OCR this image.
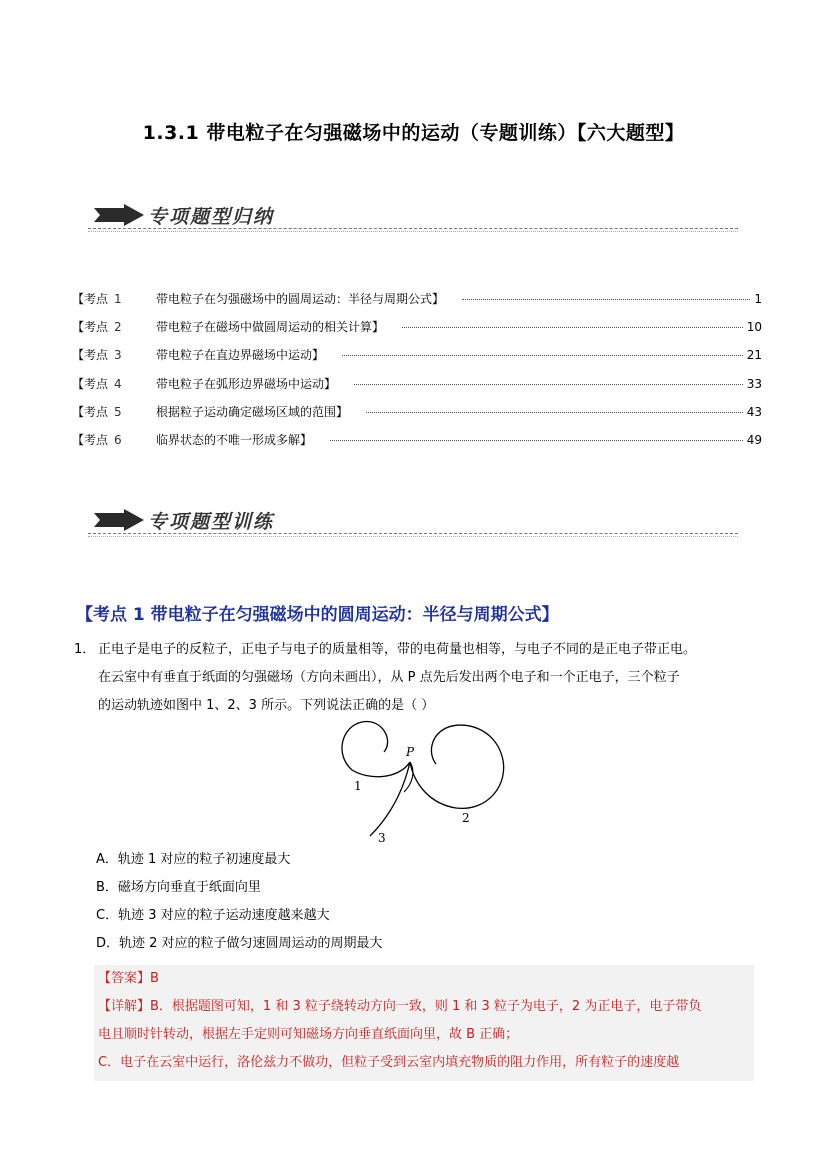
1.3.1 带电粒子在匀强磁场中的运动（专题训练）【六大题型】
专项题型归纳
【考点 1	带电粒子在匀强磁场中的圆周运动：半径与周期公式】	1
【考点 2	带电粒子在磁场中做圆周运动的相关计算】	10
【考点 3	带电粒子在直边界磁场中运动】	21
【考点 4	带电粒子在弧形边界磁场中运动】	33
【考点 5	根据粒子运动确定磁场区域的范围】	43
【考点 6	临界状态的不唯一形成多解】	49
专项题型训练
【考点 1 带电粒子在匀强磁场中的圆周运动：半径与周期公式】
1． 正电子是电子的反粒子，正电子与电子的质量相等，带的电荷量也相等，与电子不同的是正电子带正电。
在云室中有垂直于纸面的匀强磁场（方向未画出），从 P 点先后发出两个电子和一个正电子，三个粒子
的运动轨迹如图中 1、2、3 所示。下列说法正确的是（ ）
P
1
2
3
A．轨迹 1 对应的粒子初速度最大
B．磁场方向垂直于纸面向里
C．轨迹 3 对应的粒子运动速度越来越大
D．轨迹 2 对应的粒子做匀速圆周运动的周期最大
【答案】B
【详解】B．根据题图可知，1 和 3 粒子绕转动方向一致，则 1 和 3 粒子为电子，2 为正电子，电子带负
电且顺时针转动，根据左手定则可知磁场方向垂直纸面向里，故 B 正确；
C．电子在云室中运行，洛伦兹力不做功，但粒子受到云室内填充物质的阻力作用，所有粒子的速度越
